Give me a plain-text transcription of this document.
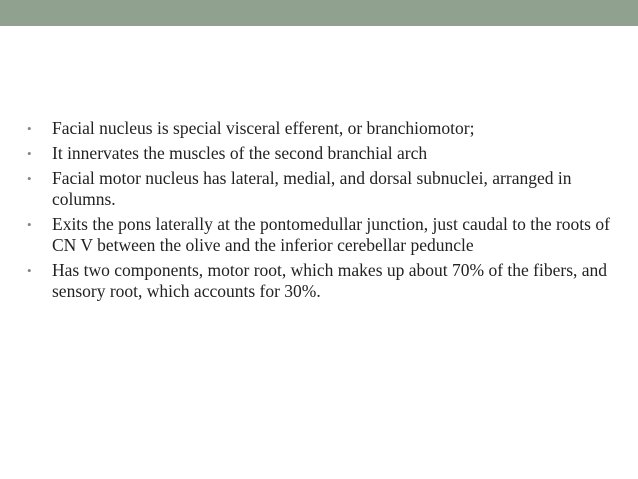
• Facial nucleus is special visceral efferent, or branchiomotor;
• It innervates the muscles of the second branchial arch
• Facial motor nucleus has lateral, medial, and dorsal subnuclei, arranged in columns.
• Exits the pons laterally at the pontomedullar junction, just caudal to the roots of CN V between the olive and the inferior cerebellar peduncle
• Has two components, motor root, which makes up about 70% of the fibers, and sensory root, which accounts for 30%.
